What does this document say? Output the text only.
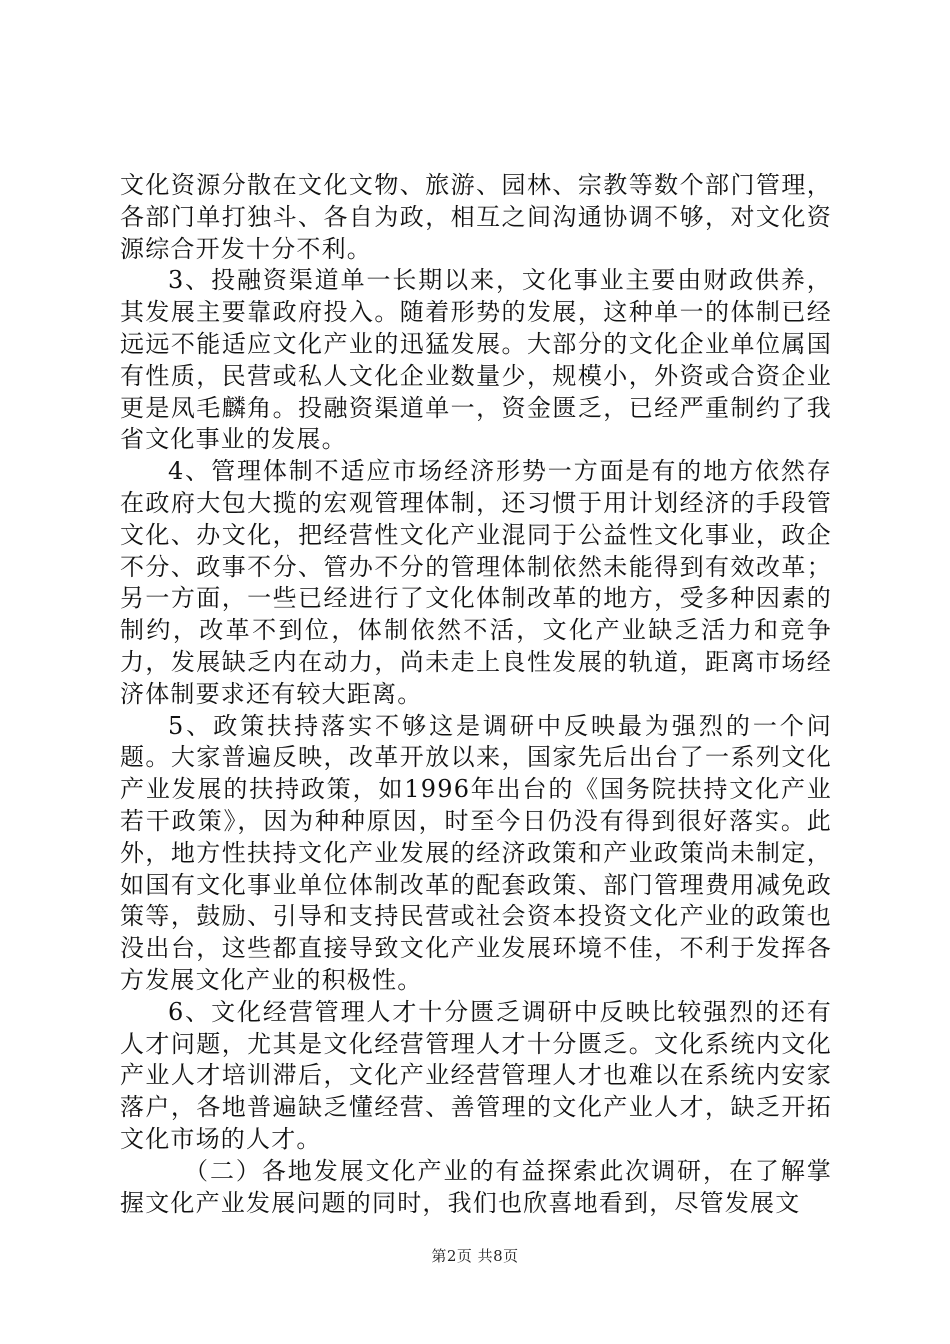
文化资源分散在文化文物、旅游、园林、宗教等数个部门管理，各部门单打独斗、各自为政，相互之间沟通协调不够，对文化资源综合开发十分不利。

3、投融资渠道单一长期以来，文化事业主要由财政供养，其发展主要靠政府投入。随着形势的发展，这种单一的体制已经远远不能适应文化产业的迅猛发展。大部分的文化企业单位属国有性质，民营或私人文化企业数量少，规模小，外资或合资企业更是凤毛麟角。投融资渠道单一，资金匮乏，已经严重制约了我省文化事业的发展。

4、管理体制不适应市场经济形势一方面是有的地方依然存在政府大包大揽的宏观管理体制，还习惯于用计划经济的手段管文化、办文化，把经营性文化产业混同于公益性文化事业，政企不分、政事不分、管办不分的管理体制依然未能得到有效改革；另一方面，一些已经进行了文化体制改革的地方，受多种因素的制约，改革不到位，体制依然不活，文化产业缺乏活力和竞争力，发展缺乏内在动力，尚未走上良性发展的轨道，距离市场经济体制要求还有较大距离。

5、政策扶持落实不够这是调研中反映最为强烈的一个问题。大家普遍反映，改革开放以来，国家先后出台了一系列文化产业发展的扶持政策，如1996年出台的《国务院扶持文化产业若干政策》，因为种种原因，时至今日仍没有得到很好落实。此外，地方性扶持文化产业发展的经济政策和产业政策尚未制定，如国有文化事业单位体制改革的配套政策、部门管理费用减免政策等，鼓励、引导和支持民营或社会资本投资文化产业的政策也没出台，这些都直接导致文化产业发展环境不佳，不利于发挥各方发展文化产业的积极性。

6、文化经营管理人才十分匮乏调研中反映比较强烈的还有人才问题，尤其是文化经营管理人才十分匮乏。文化系统内文化产业人才培训滞后，文化产业经营管理人才也难以在系统内安家落户，各地普遍缺乏懂经营、善管理的文化产业人才，缺乏开拓文化市场的人才。

（二）各地发展文化产业的有益探索此次调研，在了解掌握文化产业发展问题的同时，我们也欣喜地看到，尽管发展文

第2页 共8页
